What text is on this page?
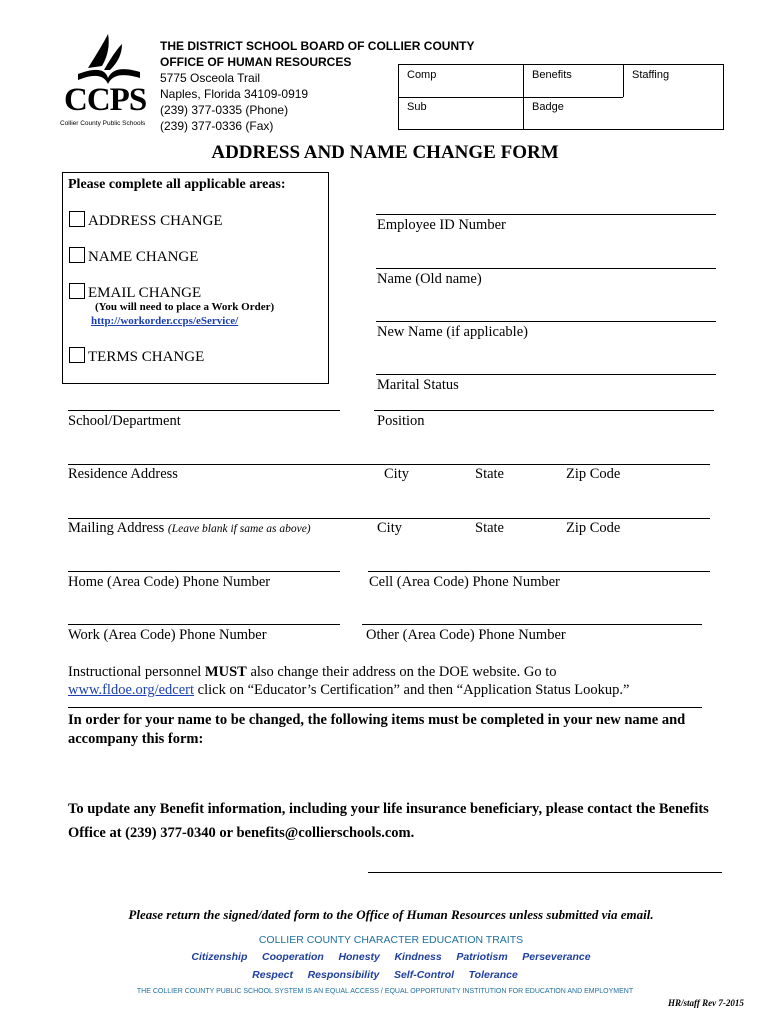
CCPS
Collier County Public Schools
THE DISTRICT SCHOOL BOARD OF COLLIER COUNTY
OFFICE OF HUMAN RESOURCES
5775 Osceola Trail
Naples, Florida 34109-0919
(239) 377-0335 (Phone)
(239) 377-0336 (Fax)
Comp	Benefits	Staffing
Sub	Badge
ADDRESS AND NAME CHANGE FORM
Please complete all applicable areas:
ADDRESS CHANGE
NAME CHANGE
EMAIL CHANGE
(You will need to place a Work Order)
http://workorder.ccps/eService/
TERMS CHANGE
Employee ID Number
Name (Old name)
New Name (if applicable)
Marital Status
School/Department	Position
Residence Address	City	State	Zip Code
Mailing Address (Leave blank if same as above)	City	State	Zip Code
Home (Area Code) Phone Number	Cell (Area Code) Phone Number
Work (Area Code) Phone Number	Other (Area Code) Phone Number
Instructional personnel MUST also change their address on the DOE website. Go to
www.fldoe.org/edcert click on “Educator’s Certification” and then “Application Status Lookup.”
In order for your name to be changed, the following items must be completed in your new name and accompany this form:
To update any Benefit information, including your life insurance beneficiary, please contact the Benefits
Office at (239) 377-0340 or benefits@collierschools.com.
Please return the signed/dated form to the Office of Human Resources unless submitted via email.
COLLIER COUNTY CHARACTER EDUCATION TRAITS
Citizenship Cooperation Honesty Kindness Patriotism Perseverance
Respect Responsibility Self-Control Tolerance
THE COLLIER COUNTY PUBLIC SCHOOL SYSTEM IS AN EQUAL ACCESS / EQUAL OPPORTUNITY INSTITUTION FOR EDUCATION AND EMPLOYMENT
HR/staff Rev 7-2015
